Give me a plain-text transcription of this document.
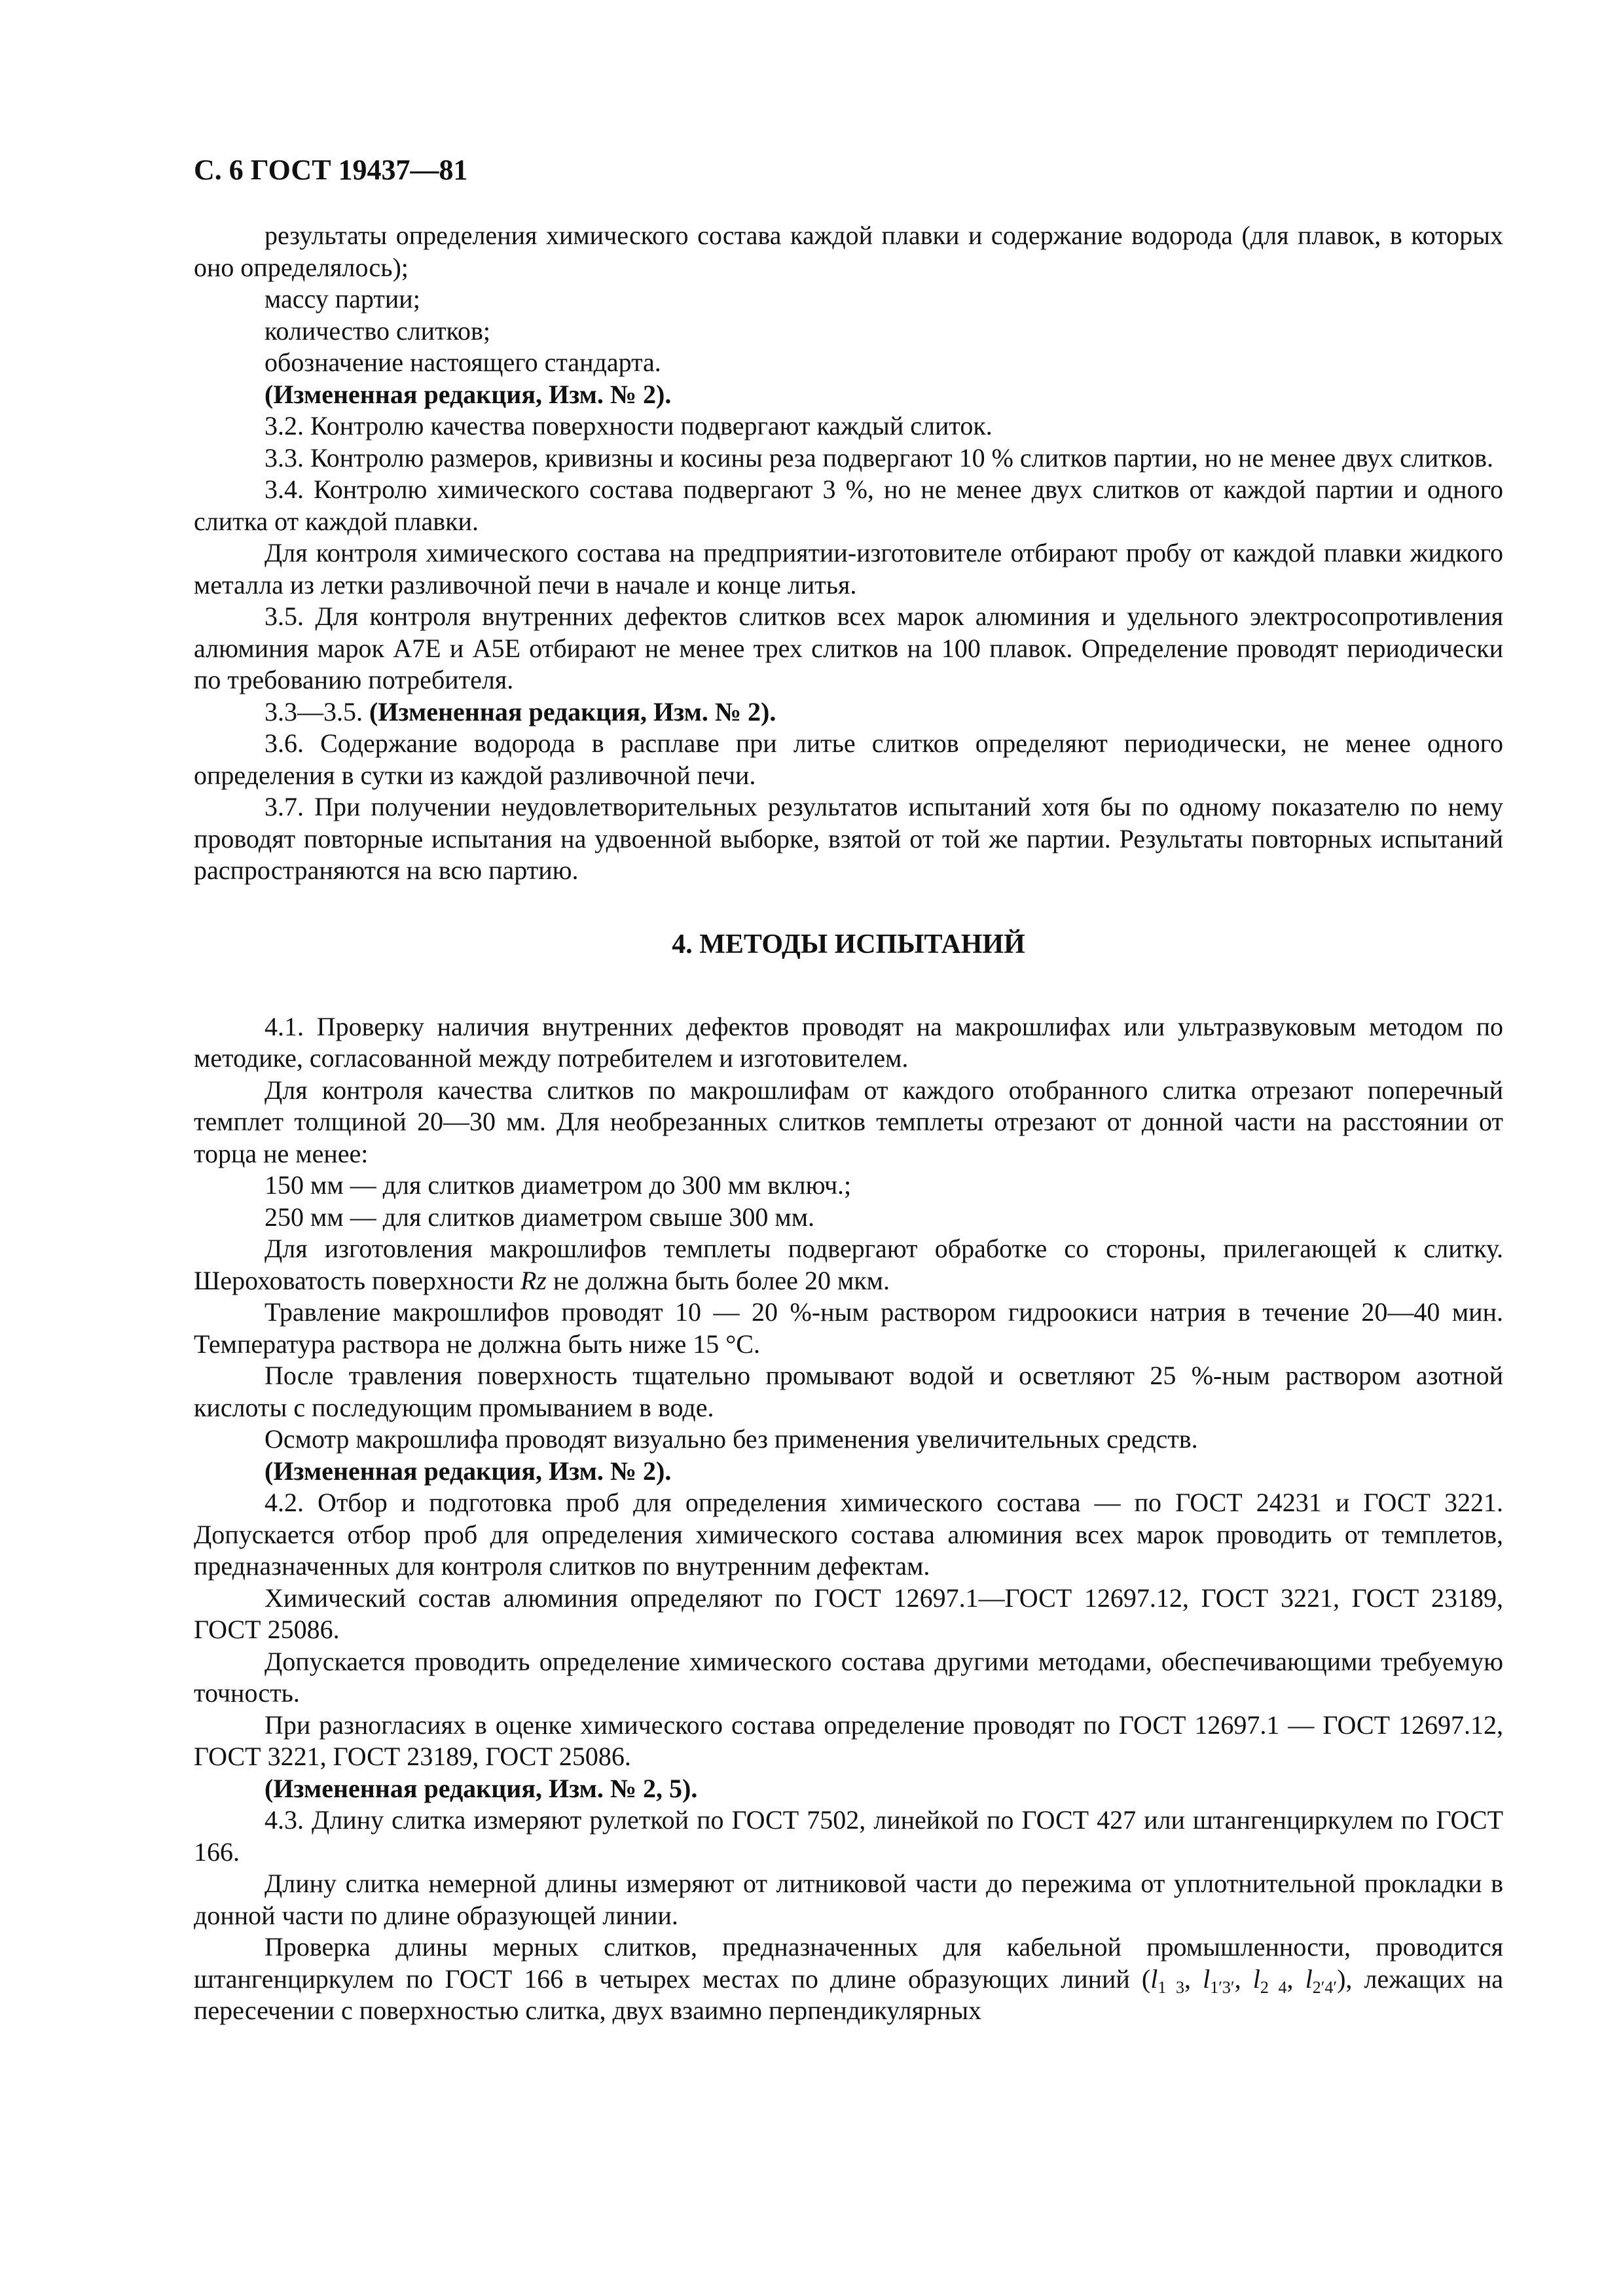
С. 6 ГОСТ 19437—81

результаты определения химического состава каждой плавки и содержание водорода (для плавок, в которых оно определялось);

массу партии;

количество слитков;

обозначение настоящего стандарта.

(Измененная редакция, Изм. № 2).

3.2. Контролю качества поверхности подвергают каждый слиток.

3.3. Контролю размеров, кривизны и косины реза подвергают 10 % слитков партии, но не менее двух слитков.

3.4. Контролю химического состава подвергают 3 %, но не менее двух слитков от каждой партии и одного слитка от каждой плавки.

Для контроля химического состава на предприятии-изготовителе отбирают пробу от каждой плавки жидкого металла из летки разливочной печи в начале и конце литья.

3.5. Для контроля внутренних дефектов слитков всех марок алюминия и удельного электросопротивления алюминия марок А7Е и А5Е отбирают не менее трех слитков на 100 плавок. Определение проводят периодически по требованию потребителя.

3.3—3.5. (Измененная редакция, Изм. № 2).

3.6. Содержание водорода в расплаве при литье слитков определяют периодически, не менее одного определения в сутки из каждой разливочной печи.

3.7. При получении неудовлетворительных результатов испытаний хотя бы по одному показателю по нему проводят повторные испытания на удвоенной выборке, взятой от той же партии. Результаты повторных испытаний распространяются на всю партию.

4. МЕТОДЫ ИСПЫТАНИЙ

4.1. Проверку наличия внутренних дефектов проводят на макрошлифах или ультразвуковым методом по методике, согласованной между потребителем и изготовителем.

Для контроля качества слитков по макрошлифам от каждого отобранного слитка отрезают поперечный темплет толщиной 20—30 мм. Для необрезанных слитков темплеты отрезают от донной части на расстоянии от торца не менее:

150 мм — для слитков диаметром до 300 мм включ.;

250 мм — для слитков диаметром свыше 300 мм.

Для изготовления макрошлифов темплеты подвергают обработке со стороны, прилегающей к слитку. Шероховатость поверхности Rz не должна быть более 20 мкм.

Травление макрошлифов проводят 10 — 20 %-ным раствором гидроокиси натрия в течение 20—40 мин. Температура раствора не должна быть ниже 15 °С.

После травления поверхность тщательно промывают водой и осветляют 25 %-ным раствором азотной кислоты с последующим промыванием в воде.

Осмотр макрошлифа проводят визуально без применения увеличительных средств.

(Измененная редакция, Изм. № 2).

4.2. Отбор и подготовка проб для определения химического состава — по ГОСТ 24231 и ГОСТ 3221. Допускается отбор проб для определения химического состава алюминия всех марок проводить от темплетов, предназначенных для контроля слитков по внутренним дефектам.

Химический состав алюминия определяют по ГОСТ 12697.1—ГОСТ 12697.12, ГОСТ 3221, ГОСТ 23189, ГОСТ 25086.

Допускается проводить определение химического состава другими методами, обеспечивающими требуемую точность.

При разногласиях в оценке химического состава определение проводят по ГОСТ 12697.1 — ГОСТ 12697.12, ГОСТ 3221, ГОСТ 23189, ГОСТ 25086.

(Измененная редакция, Изм. № 2, 5).

4.3. Длину слитка измеряют рулеткой по ГОСТ 7502, линейкой по ГОСТ 427 или штангенциркулем по ГОСТ 166.

Длину слитка немерной длины измеряют от литниковой части до пережима от уплотнительной прокладки в донной части по длине образующей линии.

Проверка длины мерных слитков, предназначенных для кабельной промышленности, проводится штангенциркулем по ГОСТ 166 в четырех местах по длине образующих линий ($l_{1 3}$, $l_{1'3'}$, $l_{2 4}$, $l_{2'4'}$), лежащих на пересечении с поверхностью слитка, двух взаимно перпендикулярных
